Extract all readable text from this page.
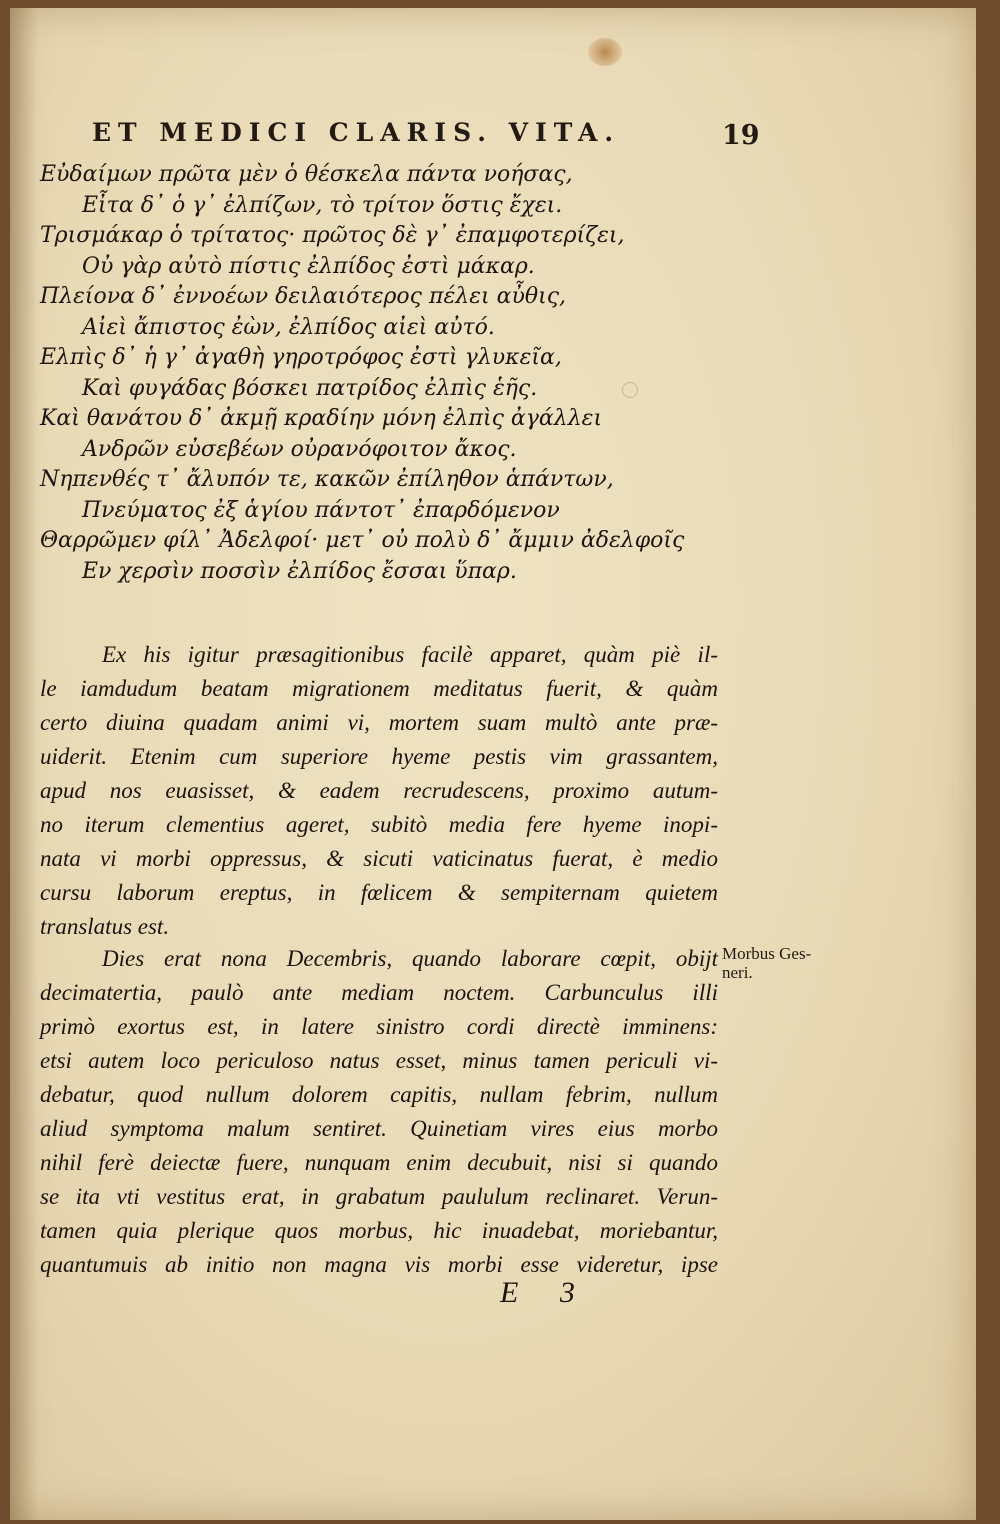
ET MEDICI CLARIS. VITA.	19
Εὐδαίμων πρῶτα μὲν ὁ θέσκελα πάντα νοήσας,
Εἶτα δ᾽ ὁ γ᾽ ἐλπίζων, τὸ τρίτον ὅστις ἔχει.
Τρισμάκαρ ὁ τρίτατος· πρῶτος δὲ γ᾽ ἐπαμφοτερίζει,
Οὐ γὰρ αὐτὸ πίστις ἐλπίδος ἐστὶ μάκαρ.
Πλείονα δ᾽ ἐννοέων δειλαιότερος πέλει αὖθις,
Αἰεὶ ἄπιστος ἐὼν, ἐλπίδος αἰεὶ αὐτό.
Ελπὶς δ᾽ ἡ γ᾽ ἀγαθὴ γηροτρόφος ἐστὶ γλυκεῖα,
Καὶ φυγάδας βόσκει πατρίδος ἐλπὶς ἑῆς.
Καὶ θανάτου δ᾽ ἀκμῇ κραδίην μόνη ἐλπὶς ἀγάλλει
Ανδρῶν εὐσεβέων οὐρανόφοιτον ἄκος.
Νηπενθές τ᾽ ἄλυπόν τε, κακῶν ἐπίληθον ἁπάντων,
Πνεύματος ἐξ ἁγίου πάντοτ᾽ ἐπαρδόμενον
Θαρρῶμεν φίλ᾽ Ἀδελφοί· μετ᾽ οὐ πολὺ δ᾽ ἄμμιν ἀδελφοῖς
Εν χερσὶν ποσσὶν ἐλπίδος ἔσσαι ὕπαρ.
Ex his igitur præsagitionibus facilè apparet, quàm piè il-
le iamdudum beatam migrationem meditatus fuerit, & quàm
certo diuina quadam animi vi, mortem suam multò ante præ-
uiderit. Etenim cum superiore hyeme pestis vim grassantem,
apud nos euasisset, & eadem recrudescens, proximo autum-
no iterum clementius ageret, subitò media fere hyeme inopi-
nata vi morbi oppressus, & sicuti vaticinatus fuerat, è medio
cursu laborum ereptus, in fœlicem & sempiternam quietem
translatus est.
Dies erat nona Decembris, quando laborare cœpit, obijt
decimatertia, paulò ante mediam noctem. Carbunculus illi
primò exortus est, in latere sinistro cordi directè imminens:
etsi autem loco periculoso natus esset, minus tamen periculi vi-
debatur, quod nullum dolorem capitis, nullam febrim, nullum
aliud symptoma malum sentiret. Quinetiam vires eius morbo
nihil ferè deiectæ fuere, nunquam enim decubuit, nisi si quando
se ita vti vestitus erat, in grabatum paululum reclinaret. Verun-
tamen quia plerique quos morbus, hic inuadebat, moriebantur,
quantumuis ab initio non magna vis morbi esse videretur, ipse
Morbus Ges-
neri.
E 3
